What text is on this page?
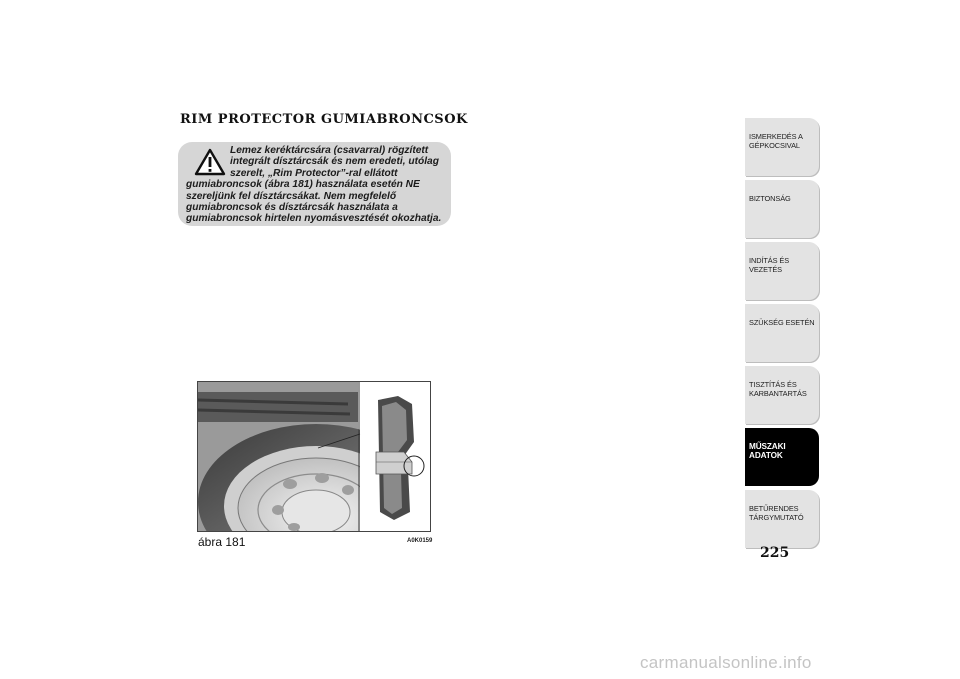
RIM PROTECTOR GUMIABRONCSOK

Lemez keréktárcsára (csavarral) rögzített integrált dísztárcsák és nem eredeti, utólag szerelt, „Rim Protector”-ral ellátott gumiabroncsok (ábra 181) használata esetén NE szereljünk fel dísztárcsákat. Nem megfelelő gumiabroncsok és dísztárcsák használata a gumiabroncsok hirtelen nyomásvesztését okozhatja.

ábra 181	A0K0159

ISMERKEDÉS A GÉPKOCSIVAL
BIZTONSÁG
INDÍTÁS ÉS VEZETÉS
SZÜKSÉG ESETÉN
TISZTÍTÁS ÉS KARBANTARTÁS
MŰSZAKI ADATOK
BETŰRENDES TÁRGYMUTATÓ

225

carmanualsonline.info
